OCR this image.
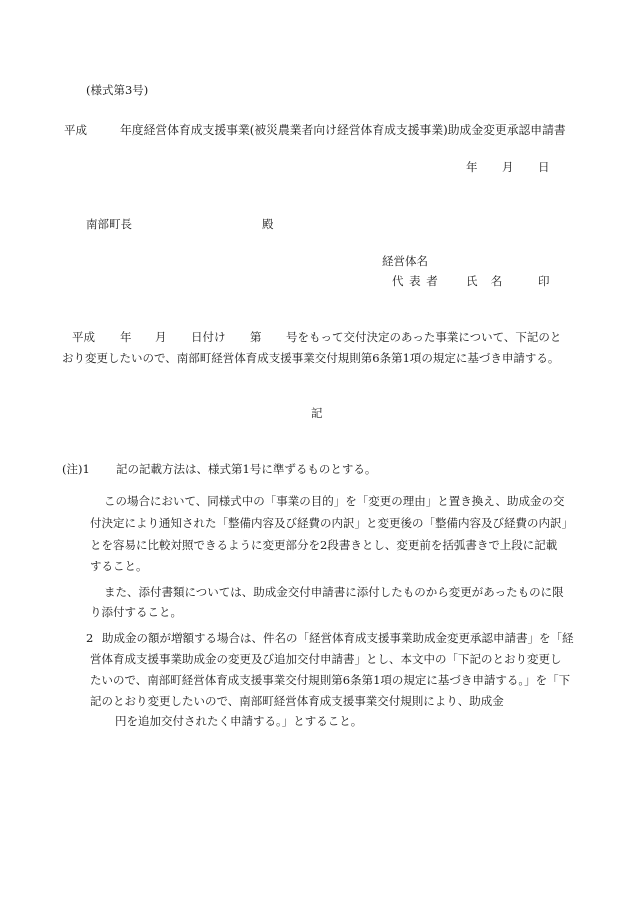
(様式第3号)
平成	年度経営体育成支援事業(被災農業者向け経営体育成支援事業)助成金変更承認申請書
年 月 日
南部町長	殿
経営体名
代 表 者 氏  名	印
平成 年 月 日付け 第 号をもって交付決定のあった事業について、下記のと
おり変更したいので、南部町経営体育成支援事業交付規則第6条第1項の規定に基づき申請する。
記
(注)1 記の記載方法は、様式第1号に準ずるものとする。
この場合において、同様式中の「事業の目的」を「変更の理由」と置き換え、助成金の交
付決定により通知された「整備内容及び経費の内訳」と変更後の「整備内容及び経費の内訳」
とを容易に比較対照できるように変更部分を2段書きとし、変更前を括弧書きで上段に記載
すること。
また、添付書類については、助成金交付申請書に添付したものから変更があったものに限
り添付すること。
2 助成金の額が増額する場合は、件名の「経営体育成支援事業助成金変更承認申請書」を「経
営体育成支援事業助成金の変更及び追加交付申請書」とし、本文中の「下記のとおり変更し
たいので、南部町経営体育成支援事業交付規則第6条第1項の規定に基づき申請する。」を「下
記のとおり変更したいので、南部町経営体育成支援事業交付規則により、助成金
円を追加交付されたく申請する。」とすること。
